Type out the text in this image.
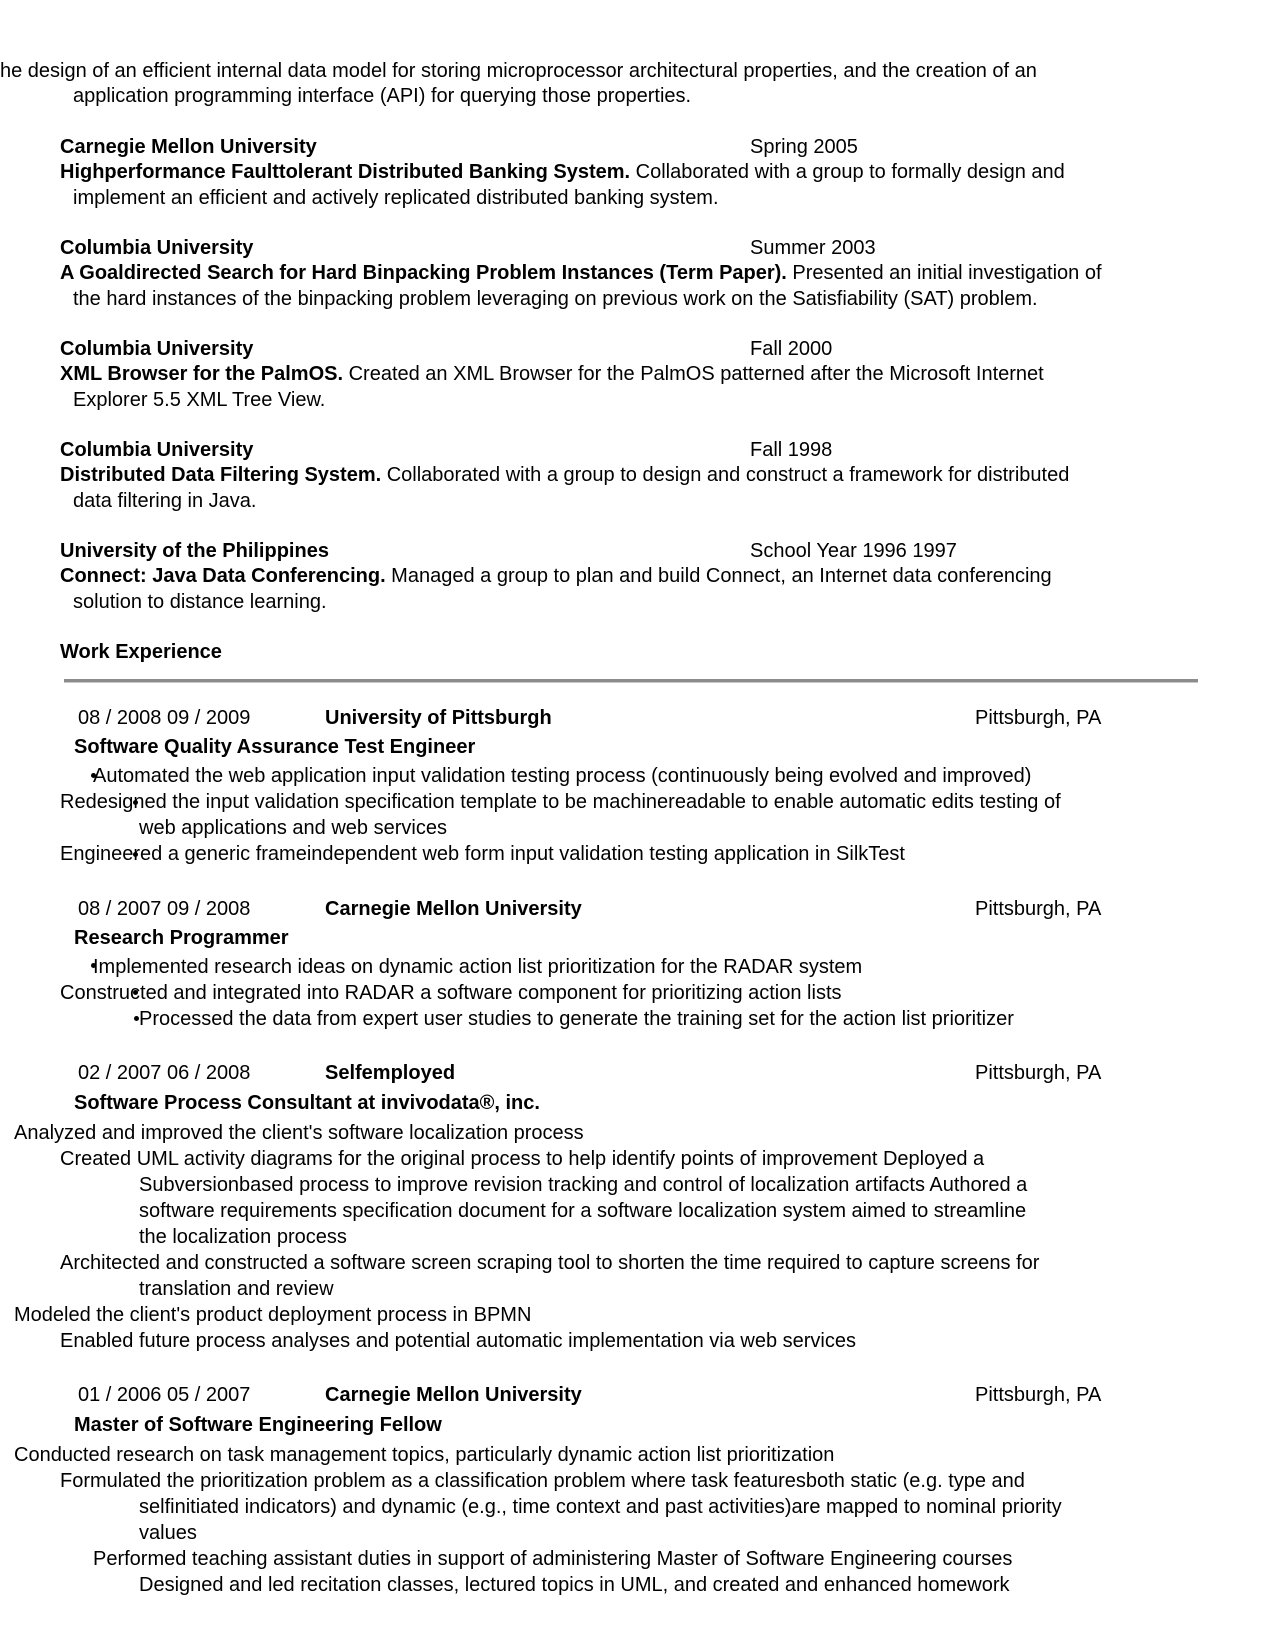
he design of an efficient internal data model for storing microprocessor architectural properties, and the creation of an
application programming interface (API) for querying those properties.
Carnegie Mellon University	Spring 2005
Highperformance Faulttolerant Distributed Banking System. Collaborated with a group to formally design and
implement an efficient and actively replicated distributed banking system.
Columbia University	Summer 2003
A Goaldirected Search for Hard Binpacking Problem Instances (Term Paper). Presented an initial investigation of
the hard instances of the binpacking problem leveraging on previous work on the Satisfiability (SAT) problem.
Columbia University	Fall 2000
XML Browser for the PalmOS. Created an XML Browser for the PalmOS patterned after the Microsoft Internet
Explorer 5.5 XML Tree View.
Columbia University	Fall 1998
Distributed Data Filtering System. Collaborated with a group to design and construct a framework for distributed
data filtering in Java.
University of the Philippines	School Year 1996 1997
Connect: Java Data Conferencing. Managed a group to plan and build Connect, an Internet data conferencing
solution to distance learning.
Work Experience
08 / 2008 09 / 2009	University of Pittsburgh	Pittsburgh, PA
Software Quality Assurance Test Engineer
Automated the web application input validation testing process (continuously being evolved and improved)
Redesigned the input validation specification template to be machinereadable to enable automatic edits testing of
web applications and web services
Engineered a generic frameindependent web form input validation testing application in SilkTest
08 / 2007 09 / 2008	Carnegie Mellon University	Pittsburgh, PA
Research Programmer
Implemented research ideas on dynamic action list prioritization for the RADAR system
Constructed and integrated into RADAR a software component for prioritizing action lists
Processed the data from expert user studies to generate the training set for the action list prioritizer
02 / 2007 06 / 2008	Selfemployed	Pittsburgh, PA
Software Process Consultant at invivodata®, inc.
Analyzed and improved the client's software localization process
Created UML activity diagrams for the original process to help identify points of improvement Deployed a
Subversionbased process to improve revision tracking and control of localization artifacts Authored a
software requirements specification document for a software localization system aimed to streamline
the localization process
Architected and constructed a software screen scraping tool to shorten the time required to capture screens for
translation and review
Modeled the client's product deployment process in BPMN
Enabled future process analyses and potential automatic implementation via web services
01 / 2006 05 / 2007	Carnegie Mellon University	Pittsburgh, PA
Master of Software Engineering Fellow
Conducted research on task management topics, particularly dynamic action list prioritization
Formulated the prioritization problem as a classification problem where task featuresboth static (e.g. type and
selfinitiated indicators) and dynamic (e.g., time context and past activities)are mapped to nominal priority
values
Performed teaching assistant duties in support of administering Master of Software Engineering courses
Designed and led recitation classes, lectured topics in UML, and created and enhanced homework
